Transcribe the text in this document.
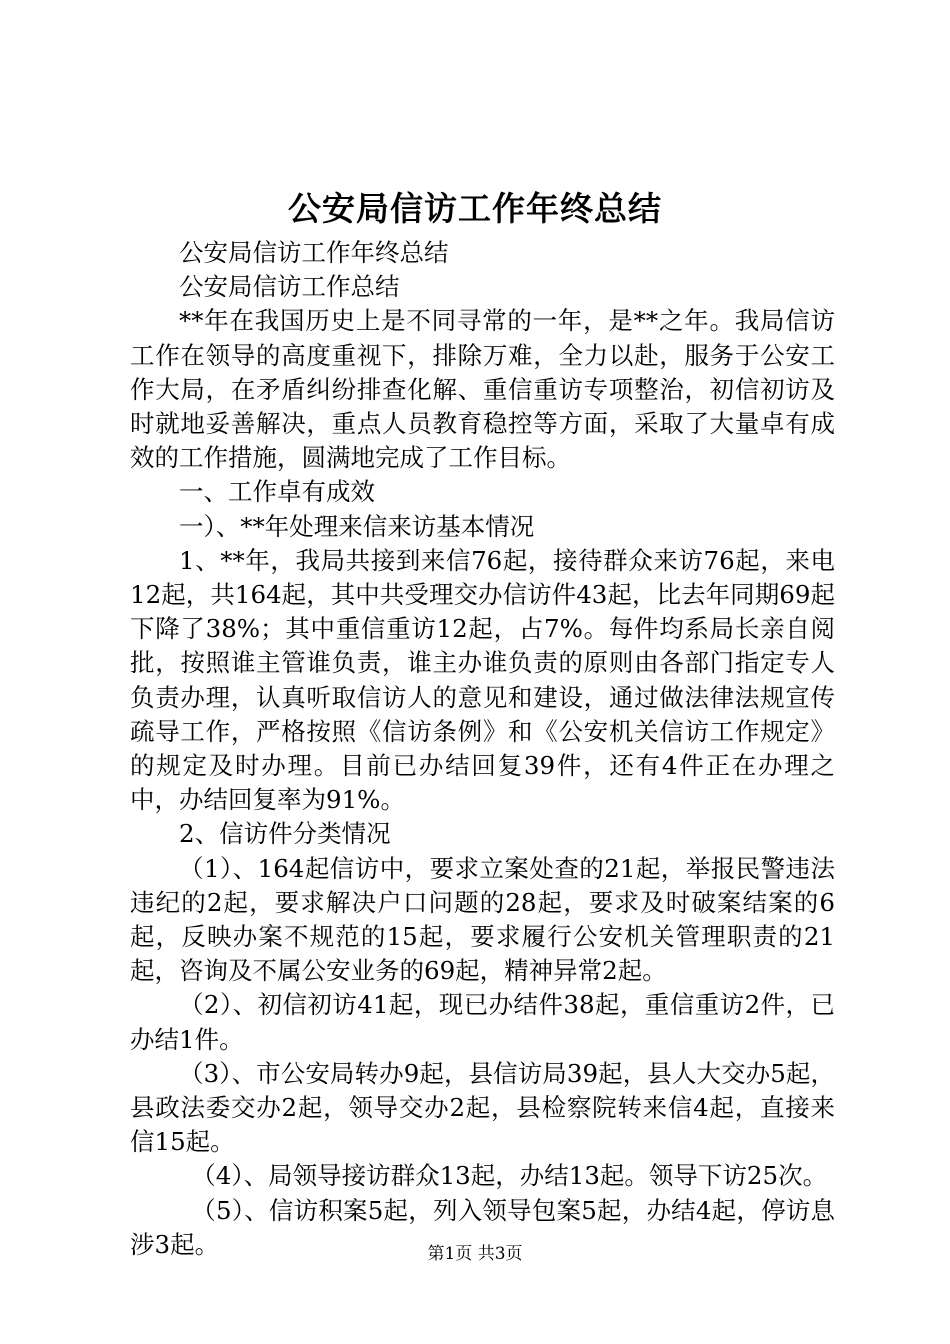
公安局信访工作年终总结

公安局信访工作年终总结

公安局信访工作总结

**年在我国历史上是不同寻常的一年，是**之年。我局信访工作在领导的高度重视下，排除万难，全力以赴，服务于公安工作大局，在矛盾纠纷排查化解、重信重访专项整治，初信初访及时就地妥善解决，重点人员教育稳控等方面，采取了大量卓有成效的工作措施，圆满地完成了工作目标。

一、工作卓有成效

一）、**年处理来信来访基本情况

1、**年，我局共接到来信76起，接待群众来访76起，来电12起，共164起，其中共受理交办信访件43起，比去年同期69起下降了38%；其中重信重访12起，占7%。每件均系局长亲自阅批，按照谁主管谁负责，谁主办谁负责的原则由各部门指定专人负责办理，认真听取信访人的意见和建设，通过做法律法规宣传疏导工作，严格按照《信访条例》和《公安机关信访工作规定》的规定及时办理。目前已办结回复39件，还有4件正在办理之中，办结回复率为91%。

2、信访件分类情况

（1）、164起信访中，要求立案处查的21起，举报民警违法违纪的2起，要求解决户口问题的28起，要求及时破案结案的6起，反映办案不规范的15起，要求履行公安机关管理职责的21起，咨询及不属公安业务的69起，精神异常2起。

（2）、初信初访41起，现已办结件38起，重信重访2件，已办结1件。

（3）、市公安局转办9起，县信访局39起，县人大交办5起，县政法委交办2起，领导交办2起，县检察院转来信4起，直接来信15起。

（4）、局领导接访群众13起，办结13起。领导下访25次。

（5）、信访积案5起，列入领导包案5起，办结4起，停访息涉3起。	第1页 共3页
